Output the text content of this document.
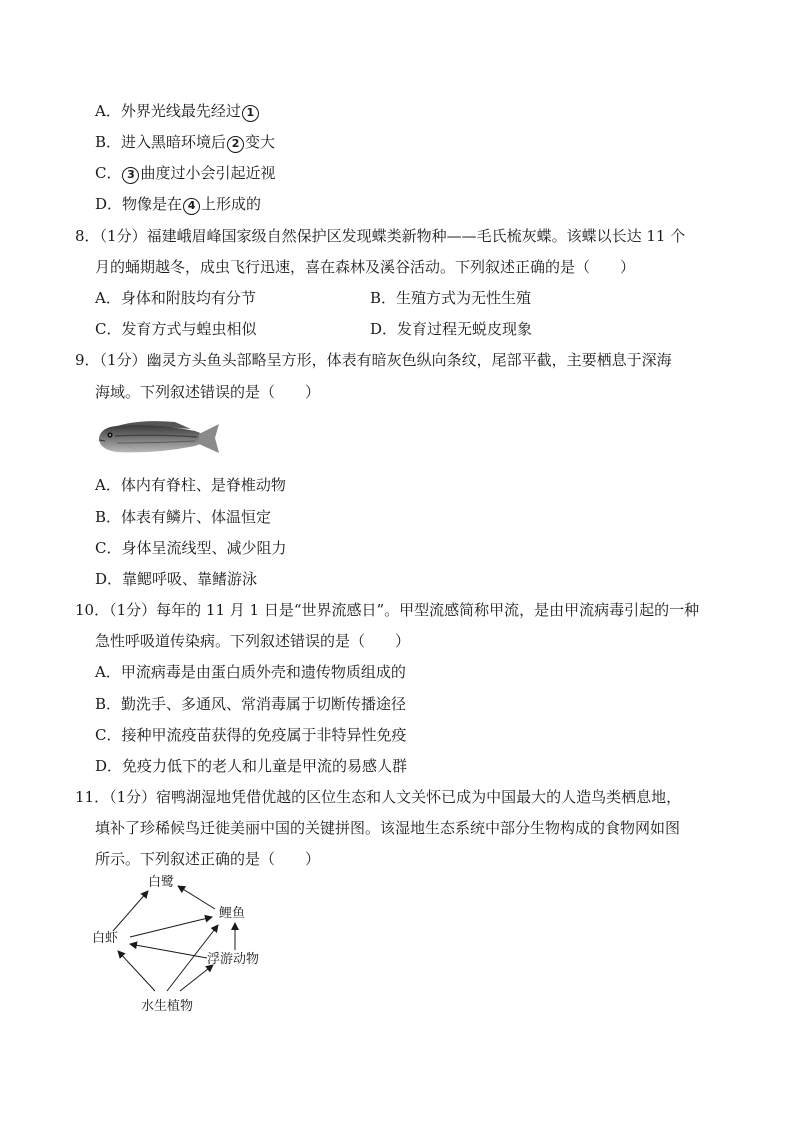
A．外界光线最先经过 1
B．进入黑暗环境后 2 变大
C． 3 曲度过小会引起近视
D．物像是在 4 上形成的
8．（1分）福建峨眉峰国家级自然保护区发现蝶类新物种——毛氏梳灰蝶。该蝶以长达 11 个
月的蛹期越冬，成虫飞行迅速，喜在森林及溪谷活动。下列叙述正确的是（　　）
A．身体和附肢均有分节	B．生殖方式为无性生殖
C．发育方式与蝗虫相似	D．发育过程无蜕皮现象
9．（1分）幽灵方头鱼头部略呈方形，体表有暗灰色纵向条纹，尾部平截，主要栖息于深海
海域。下列叙述错误的是（　　）
A．体内有脊柱、是脊椎动物
B．体表有鳞片、体温恒定
C．身体呈流线型、减少阻力
D．靠鳃呼吸、靠鳍游泳
10．（1分）每年的 11 月 1 日是“世界流感日”。甲型流感简称甲流，是由甲流病毒引起的一种
急性呼吸道传染病。下列叙述错误的是（　　）
A．甲流病毒是由蛋白质外壳和遗传物质组成的
B．勤洗手、多通风、常消毒属于切断传播途径
C．接种甲流疫苗获得的免疫属于非特异性免疫
D．免疫力低下的老人和儿童是甲流的易感人群
11．（1分）宿鸭湖湿地凭借优越的区位生态和人文关怀已成为中国最大的人造鸟类栖息地，
填补了珍稀候鸟迁徙美丽中国的关键拼图。该湿地生态系统中部分生物构成的食物网如图
所示。下列叙述正确的是（　　）
白鹭
鲤鱼
白虾
浮游动物
水生植物
